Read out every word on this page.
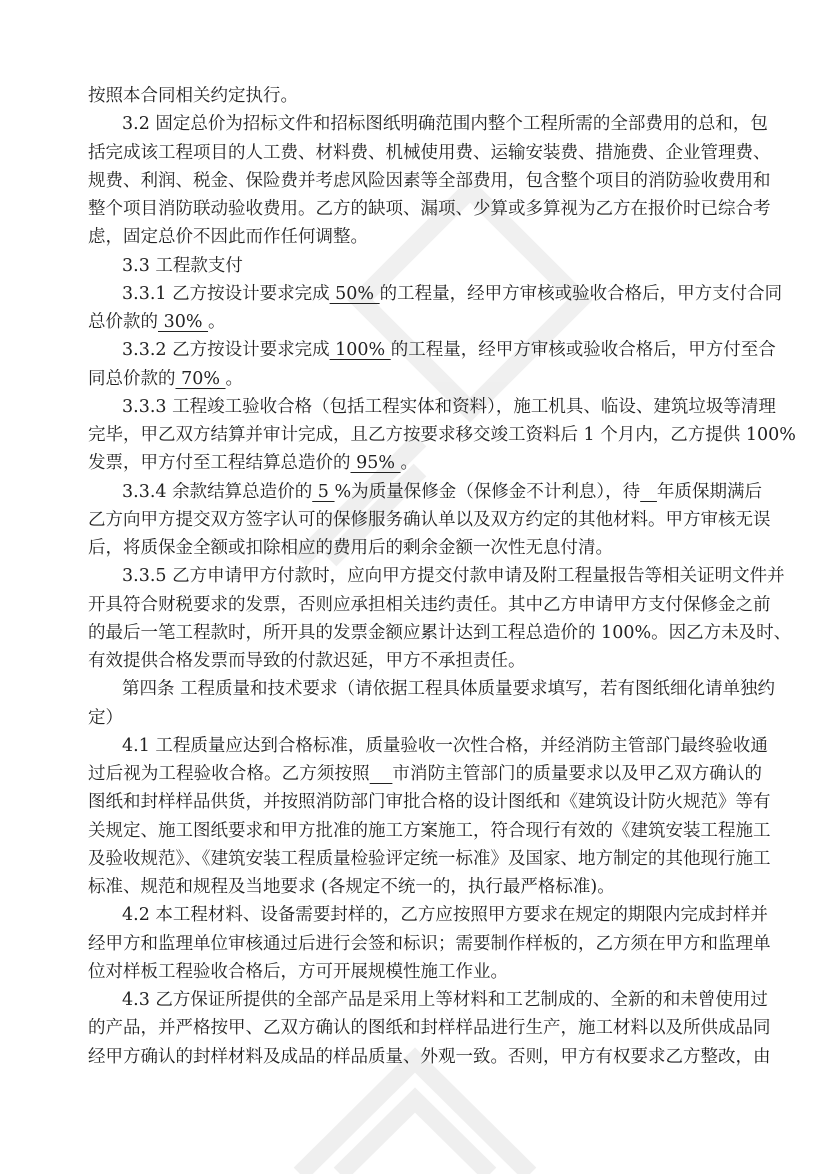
按照本合同相关约定执行。
3.2 固定总价为招标文件和招标图纸明确范围内整个工程所需的全部费用的总和，包
括完成该工程项目的人工费、材料费、机械使用费、运输安装费、措施费、企业管理费、
规费、利润、税金、保险费并考虑风险因素等全部费用，包含整个项目的消防验收费用和
整个项目消防联动验收费用。乙方的缺项、漏项、少算或多算视为乙方在报价时已综合考
虑，固定总价不因此而作任何调整。
3.3 工程款支付
3.3.1 乙方按设计要求完成 50% 的工程量，经甲方审核或验收合格后，甲方支付合同
总价款的 30% 。
3.3.2 乙方按设计要求完成 100% 的工程量，经甲方审核或验收合格后，甲方付至合
同总价款的 70% 。
3.3.3 工程竣工验收合格（包括工程实体和资料），施工机具、临设、建筑垃圾等清理
完毕，甲乙双方结算并审计完成，且乙方按要求移交竣工资料后 1 个月内，乙方提供 100%
发票，甲方付至工程结算总造价的 95% 。
3.3.4 余款结算总造价的 5 %为质量保修金（保修金不计利息），待 年质保期满后
乙方向甲方提交双方签字认可的保修服务确认单以及双方约定的其他材料。甲方审核无误
后，将质保金全额或扣除相应的费用后的剩余金额一次性无息付清。
3.3.5 乙方申请甲方付款时，应向甲方提交付款申请及附工程量报告等相关证明文件并
开具符合财税要求的发票，否则应承担相关违约责任。其中乙方申请甲方支付保修金之前
的最后一笔工程款时，所开具的发票金额应累计达到工程总造价的 100%。因乙方未及时、
有效提供合格发票而导致的付款迟延，甲方不承担责任。
第四条 工程质量和技术要求（请依据工程具体质量要求填写，若有图纸细化请单独约
定）
4.1 工程质量应达到合格标准，质量验收一次性合格，并经消防主管部门最终验收通
过后视为工程验收合格。乙方须按照 市消防主管部门的质量要求以及甲乙双方确认的
图纸和封样样品供货，并按照消防部门审批合格的设计图纸和《建筑设计防火规范》等有
关规定、施工图纸要求和甲方批准的施工方案施工，符合现行有效的《建筑安装工程施工
及验收规范》、《建筑安装工程质量检验评定统一标准》及国家、地方制定的其他现行施工
标准、规范和规程及当地要求 (各规定不统一的，执行最严格标准)。
4.2 本工程材料、设备需要封样的，乙方应按照甲方要求在规定的期限内完成封样并
经甲方和监理单位审核通过后进行会签和标识；需要制作样板的，乙方须在甲方和监理单
位对样板工程验收合格后，方可开展规模性施工作业。
4.3 乙方保证所提供的全部产品是采用上等材料和工艺制成的、全新的和未曾使用过
的产品，并严格按甲、乙双方确认的图纸和封样样品进行生产，施工材料以及所供成品同
经甲方确认的封样材料及成品的样品质量、外观一致。否则，甲方有权要求乙方整改，由
